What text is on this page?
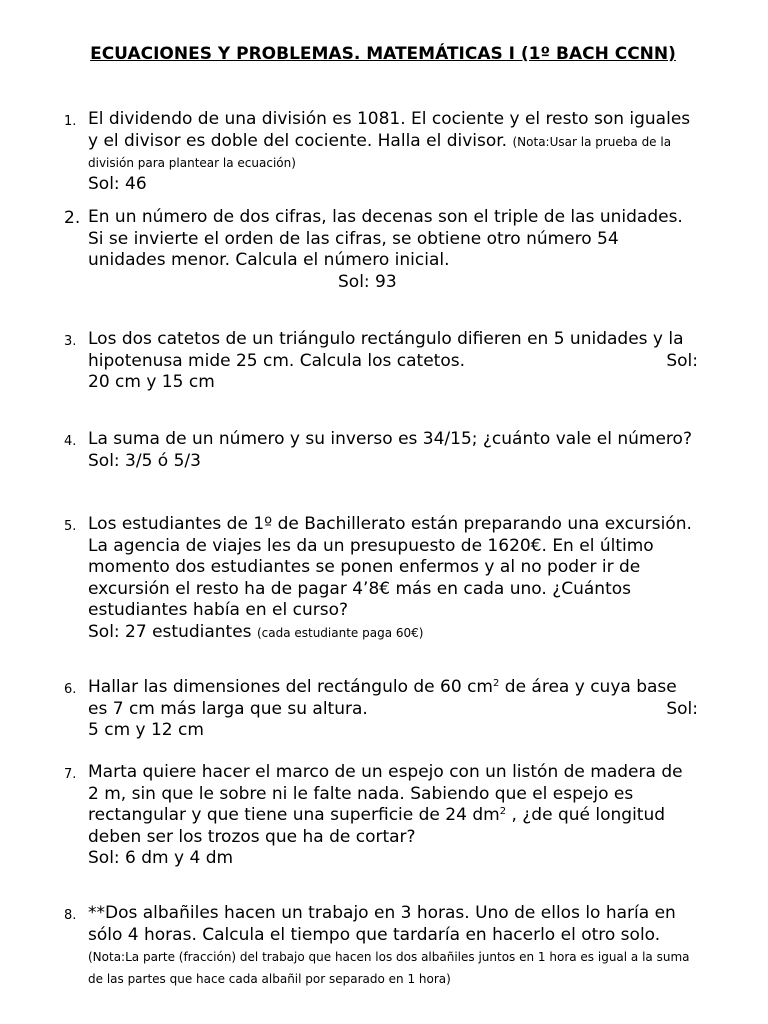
ECUACIONES Y PROBLEMAS. MATEMÁTICAS I (1º BACH CCNN)
1. El dividendo de una división es 1081. El cociente y el resto son iguales y el divisor es doble del cociente. Halla el divisor. (Nota:Usar la prueba de la división para plantear la ecuación)
Sol: 46
2. En un número de dos cifras, las decenas son el triple de las unidades. Si se invierte el orden de las cifras, se obtiene otro número 54 unidades menor. Calcula el número inicial.
Sol: 93
3. Los dos catetos de un triángulo rectángulo difieren en 5 unidades y la hipotenusa mide 25 cm. Calcula los catetos.	Sol:
20 cm y 15 cm
4. La suma de un número y su inverso es 34/15; ¿cuánto vale el número?
Sol: 3/5 ó 5/3
5. Los estudiantes de 1º de Bachillerato están preparando una excursión. La agencia de viajes les da un presupuesto de 1620€. En el último momento dos estudiantes se ponen enfermos y al no poder ir de excursión el resto ha de pagar 4’8€ más en cada uno. ¿Cuántos estudiantes había en el curso?
Sol: 27 estudiantes (cada estudiante paga 60€)
6. Hallar las dimensiones del rectángulo de 60 $cm^2$ de área y cuya base es 7 cm más larga que su altura.	Sol:
5 cm y 12 cm
7. Marta quiere hacer el marco de un espejo con un listón de madera de 2 m, sin que le sobre ni le falte nada. Sabiendo que el espejo es rectangular y que tiene una superficie de 24 $dm^2$ , ¿de qué longitud deben ser los trozos que ha de cortar?
Sol: 6 dm y 4 dm
8. **Dos albañiles hacen un trabajo en 3 horas. Uno de ellos lo haría en sólo 4 horas. Calcula el tiempo que tardaría en hacerlo el otro solo. (Nota:La parte (fracción) del trabajo que hacen los dos albañiles juntos en 1 hora es igual a la suma de las partes que hace cada albañil por separado en 1 hora)
